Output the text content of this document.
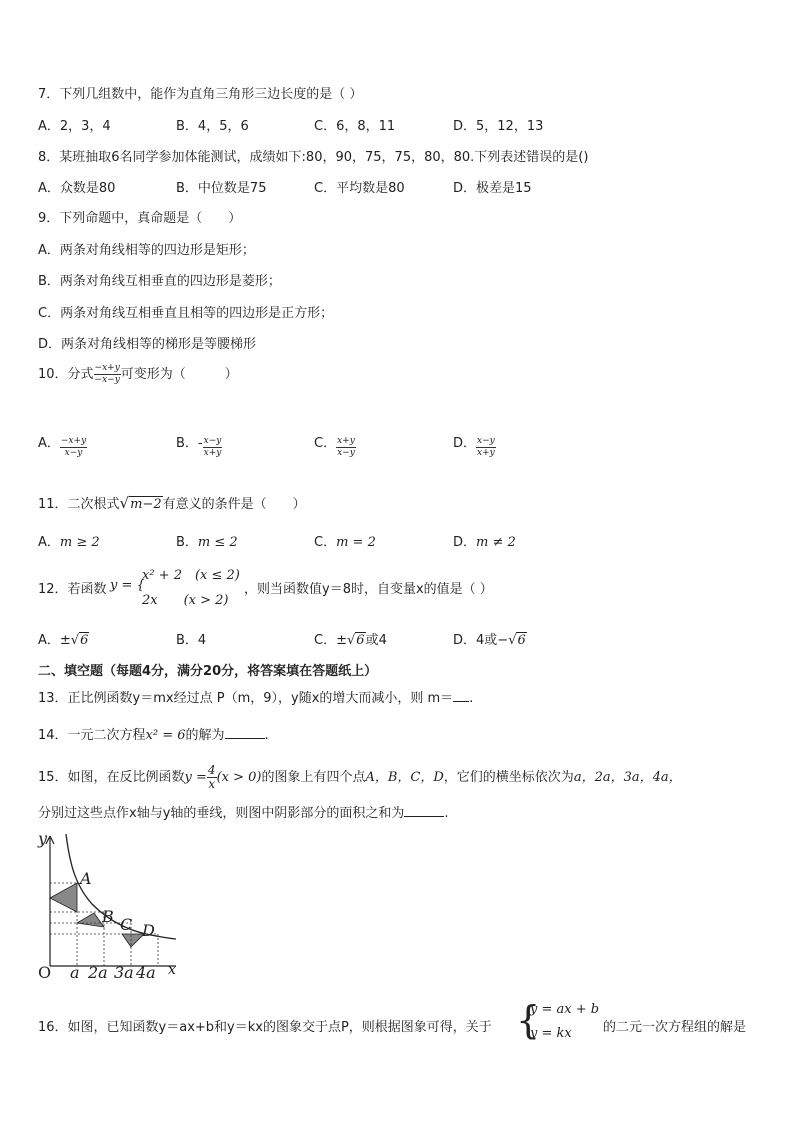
7．下列几组数中，能作为直角三角形三边长度的是（ ）
A．2，3，4	B．4，5，6	C．6，8，11	D．5，12，13
8．某班抽取6名同学参加体能测试，成绩如下:80，90，75，75，80，80.下列表述错误的是()
A．众数是80	B．中位数是75	C．平均数是80	D．极差是15
9．下列命题中，真命题是（　　）
A．两条对角线相等的四边形是矩形；
B．两条对角线互相垂直的四边形是菱形；
C．两条对角线互相垂直且相等的四边形是正方形；
D．两条对角线相等的梯形是等腰梯形
10．分式 $\frac{-x+y}{-x-y}$ 可变形为（　　　）
A． $\frac{-x+y}{x-y}$	B．- $\frac{x-y}{x+y}$	C． $\frac{x+y}{x-y}$	D． $\frac{x-y}{x+y}$
11．二次根式√m−2有意义的条件是（　　）
A．m ≥ 2	B．m ≤ 2	C．m = 2	D．m ≠ 2
12．若函数 y = {
x² + 2　(x ≤ 2)
2x　　(x > 2)
，则当函数值y＝8时，自变量x的值是（ ）
A．±√6	B．4	C．±√6或4	D．4或−√6
二、填空题（每题4分，满分20分，将答案填在答题纸上）
13．正比例函数y＝mx经过点 P（m，9），y随x的增大而减小，则 m＝ .
14．一元二次方程x² = 6的解为	.
15．如图，在反比例函数$y = \frac{4}{x} (x > 0)$的图象上有四个点A，B，C，D，它们的横坐标依次为a，2a，3a，4a，
分别过这些点作x轴与y轴的垂线，则图中阴影部分的面积之和为	.
y
x
O
A
B C D
a 2a 3a 4a
16．如图，已知函数y＝ax+b和y＝kx的图象交于点P，则根据图象可得，关于 {
y = ax + b
y = kx 的二元一次方程组的解是
